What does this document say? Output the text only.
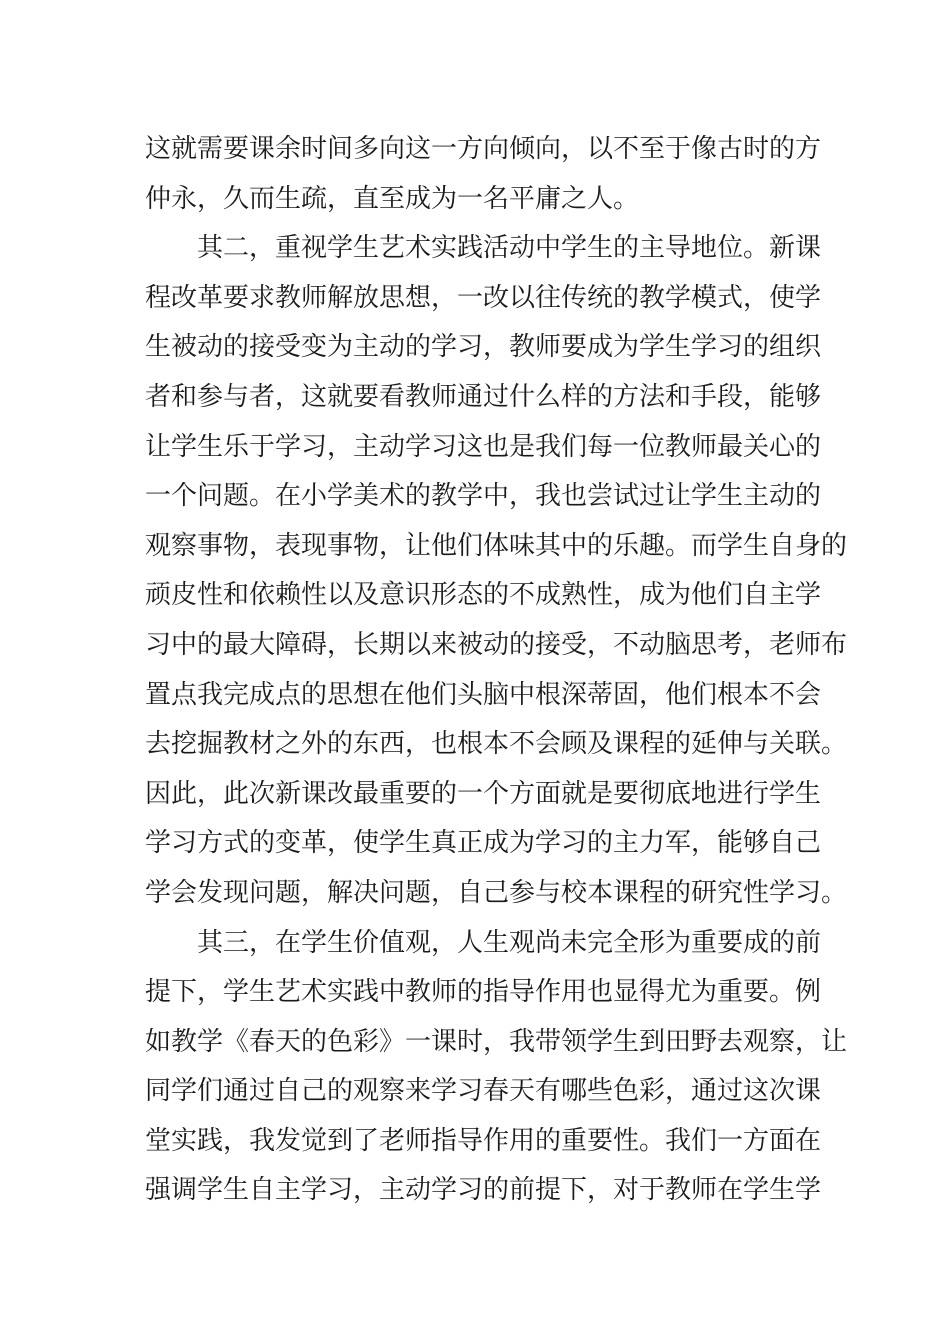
这就需要课余时间多向这一方向倾向，以不至于像古时的方
仲永，久而生疏，直至成为一名平庸之人。
其二，重视学生艺术实践活动中学生的主导地位。新课
程改革要求教师解放思想，一改以往传统的教学模式，使学
生被动的接受变为主动的学习，教师要成为学生学习的组织
者和参与者，这就要看教师通过什么样的方法和手段，能够
让学生乐于学习，主动学习这也是我们每一位教师最关心的
一个问题。在小学美术的教学中，我也尝试过让学生主动的
观察事物，表现事物，让他们体味其中的乐趣。而学生自身的
顽皮性和依赖性以及意识形态的不成熟性，成为他们自主学
习中的最大障碍，长期以来被动的接受，不动脑思考，老师布
置点我完成点的思想在他们头脑中根深蒂固，他们根本不会
去挖掘教材之外的东西，也根本不会顾及课程的延伸与关联。
因此，此次新课改最重要的一个方面就是要彻底地进行学生
学习方式的变革，使学生真正成为学习的主力军，能够自己
学会发现问题，解决问题，自己参与校本课程的研究性学习。
其三，在学生价值观，人生观尚未完全形为重要成的前
提下，学生艺术实践中教师的指导作用也显得尤为重要。例
如教学《春天的色彩》一课时，我带领学生到田野去观察，让
同学们通过自己的观察来学习春天有哪些色彩，通过这次课
堂实践，我发觉到了老师指导作用的重要性。我们一方面在
强调学生自主学习，主动学习的前提下，对于教师在学生学
